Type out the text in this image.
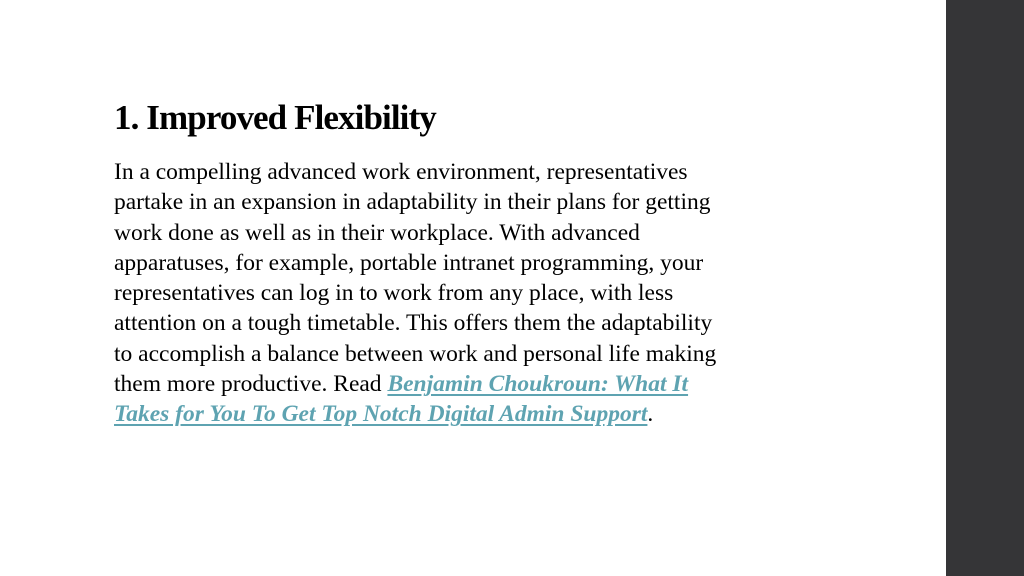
1. Improved Flexibility

In a compelling advanced work environment, representatives
partake in an expansion in adaptability in their plans for getting
work done as well as in their workplace. With advanced
apparatuses, for example, portable intranet programming, your
representatives can log in to work from any place, with less
attention on a tough timetable. This offers them the adaptability
to accomplish a balance between work and personal life making
them more productive. Read Benjamin Choukroun: What It
Takes for You To Get Top Notch Digital Admin Support.
